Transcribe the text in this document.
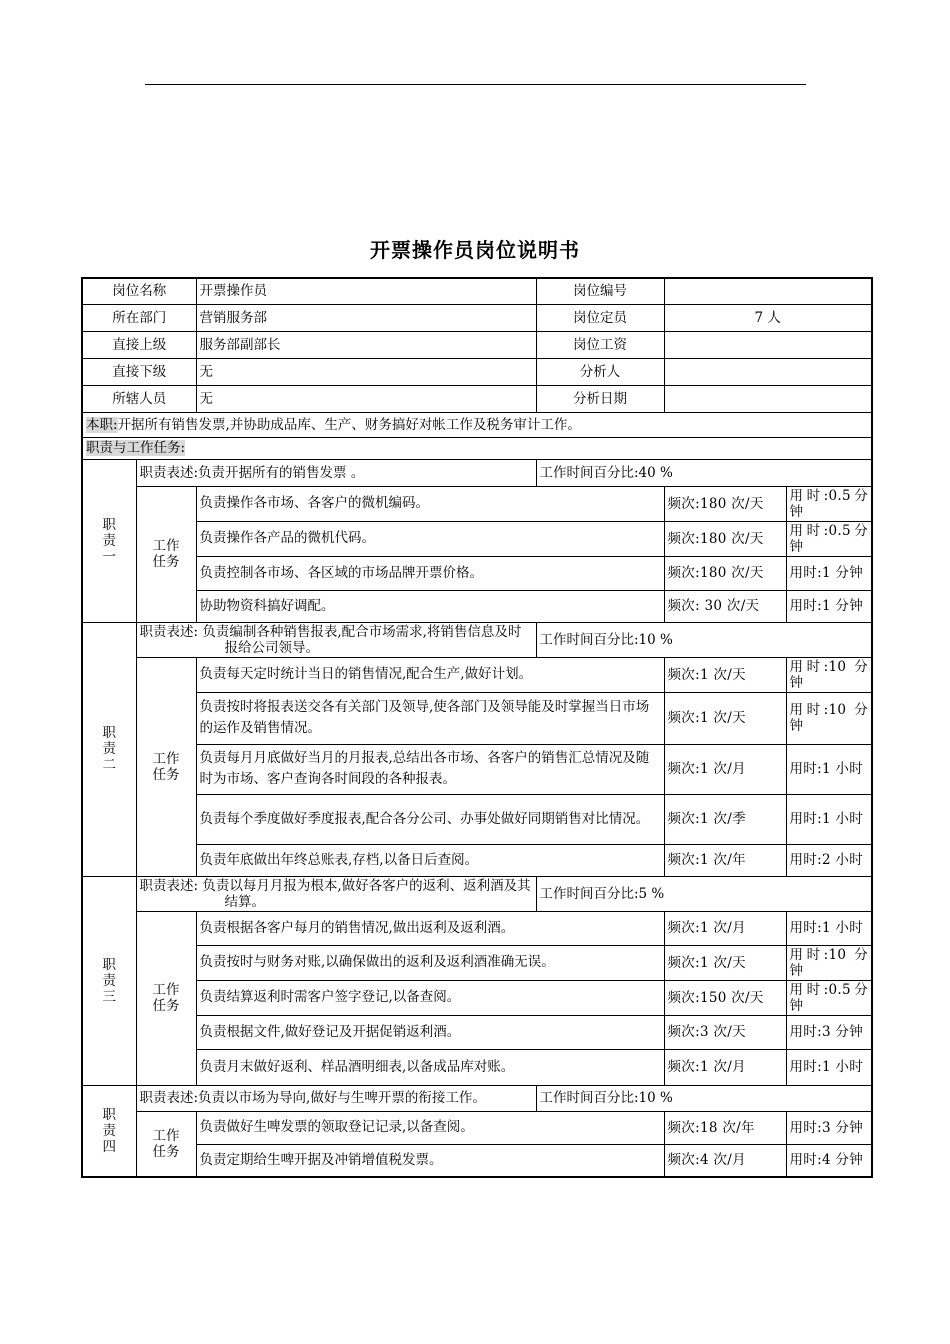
开票操作员岗位说明书
岗位名称		开票操作员	岗位编号		
所在部门		营销服务部	岗位定员	7 人	
直接上级		服务部副部长	岗位工资		
直接下级		无	分析人		
所辖人员		无	分析日期		
本职:开据所有销售发票,并协助成品库、生产、财务搞好对帐工作及税务审计工作。					
职责与工作任务:					

职
责
一	职责表述:负责开据所有的销售发票 。		工作时间百分比:40 %		

	工作
任务	负责操作各市场、各客户的微机编码。		频次:180 次/天	用时:0.5分钟
		负责操作各产品的微机代码。		频次:180 次/天	用时:0.5分钟
		负责控制各市场、各区域的市场品牌开票价格。		频次:180 次/天	用时:1 分钟
		协助物资科搞好调配。		频次: 30 次/天	用时:1 分钟

职
责
二	职责表述: 负责编制各种销售报表,配合市场需求,将销售信息及时报给公司领导。		工作时间百分比:10 %		

	工作
任务	负责每天定时统计当日的销售情况,配合生产,做好计划。		频次:1 次/天	用时:10 分钟
		负责按时将报表送交各有关部门及领导,使各部门及领导能及时掌握当日市场的运作及销售情况。		频次:1 次/天	用时:10 分钟
		负责每月月底做好当月的月报表,总结出各市场、各客户的销售汇总情况及随时为市场、客户查询各时间段的各种报表。		频次:1 次/月	用时:1 小时
		负责每个季度做好季度报表,配合各分公司、办事处做好同期销售对比情况。		频次:1 次/季	用时:1 小时
		负责年底做出年终总账表,存档,以备日后查阅。		频次:1 次/年	用时:2 小时

职
责
三	职责表述: 负责以每月月报为根本,做好各客户的返利、返利酒及其结算。		工作时间百分比:5 %		

	工作
任务	负责根据各客户每月的销售情况,做出返利及返利酒。		频次:1 次/月	用时:1 小时
		负责按时与财务对账,以确保做出的返利及返利酒准确无误。		频次:1 次/天	用时:10 分钟
		负责结算返利时需客户签字登记,以备查阅。		频次:150 次/天	用时:0.5分钟
		负责根据文件,做好登记及开据促销返利酒。		频次:3 次/天	用时:3 分钟
		负责月末做好返利、样品酒明细表,以备成品库对账。		频次:1 次/月	用时:1 小时

职
责
四	职责表述:负责以市场为导向,做好与生啤开票的衔接工作。		工作时间百分比:10 %		

	工作
任务	负责做好生啤发票的领取登记记录,以备查阅。		频次:18 次/年	用时:3 分钟
		负责定期给生啤开据及冲销增值税发票。		频次:4 次/月	用时:4 分钟
